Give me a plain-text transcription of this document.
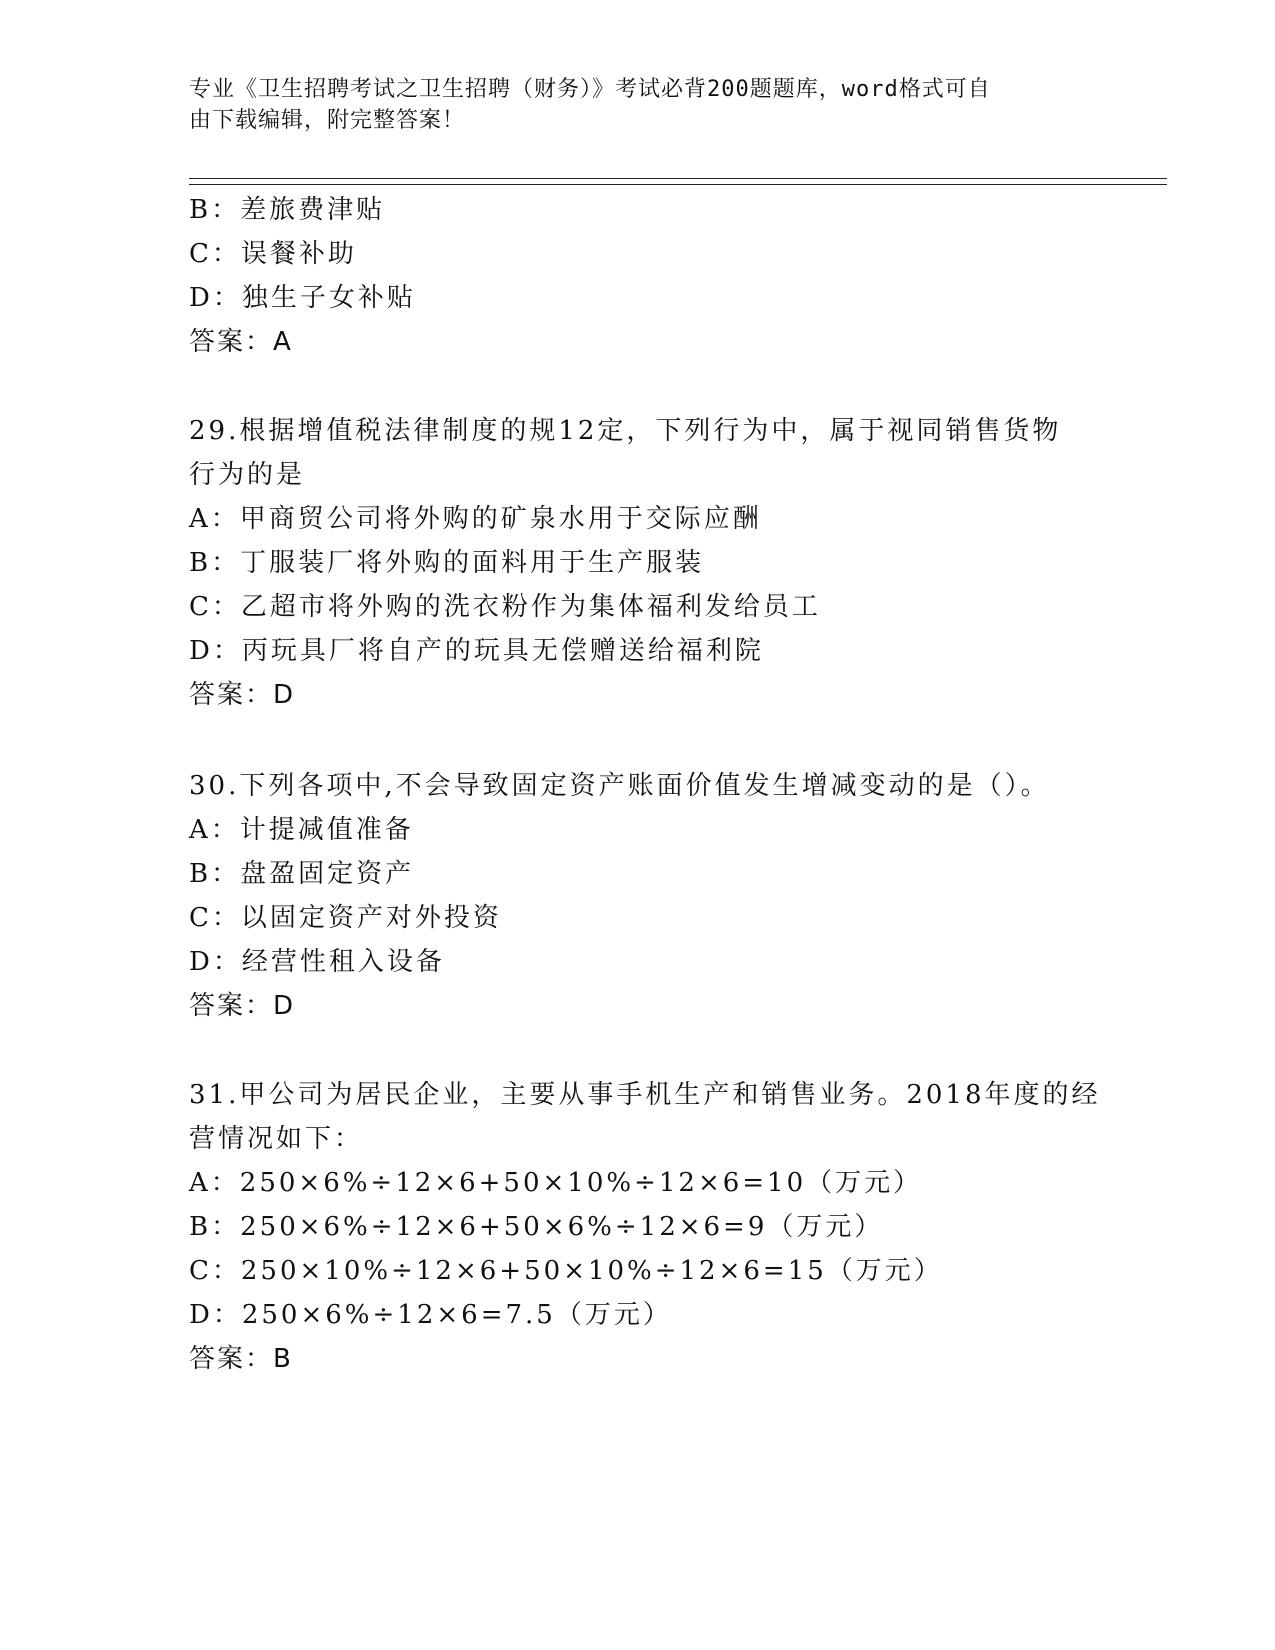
专业《卫生招聘考试之卫生招聘（财务）》考试必背200题题库，word格式可自
由下载编辑，附完整答案！
B：差旅费津贴
C：误餐补助
D：独生子女补贴
答案：A
29.根据增值税法律制度的规12定，下列行为中，属于视同销售货物
行为的是
A：甲商贸公司将外购的矿泉水用于交际应酬
B：丁服装厂将外购的面料用于生产服装
C：乙超市将外购的洗衣粉作为集体福利发给员工
D：丙玩具厂将自产的玩具无偿赠送给福利院
答案：D
30.下列各项中,不会导致固定资产账面价值发生增减变动的是（）。
A：计提减值准备
B：盘盈固定资产
C：以固定资产对外投资
D：经营性租入设备
答案：D
31.甲公司为居民企业，主要从事手机生产和销售业务。2018年度的经
营情况如下：
A：250×6%÷12×6+50×10%÷12×6=10（万元）
B：250×6%÷12×6+50×6%÷12×6=9（万元）
C：250×10%÷12×6+50×10%÷12×6=15（万元）
D：250×6%÷12×6=7.5（万元）
答案：B
